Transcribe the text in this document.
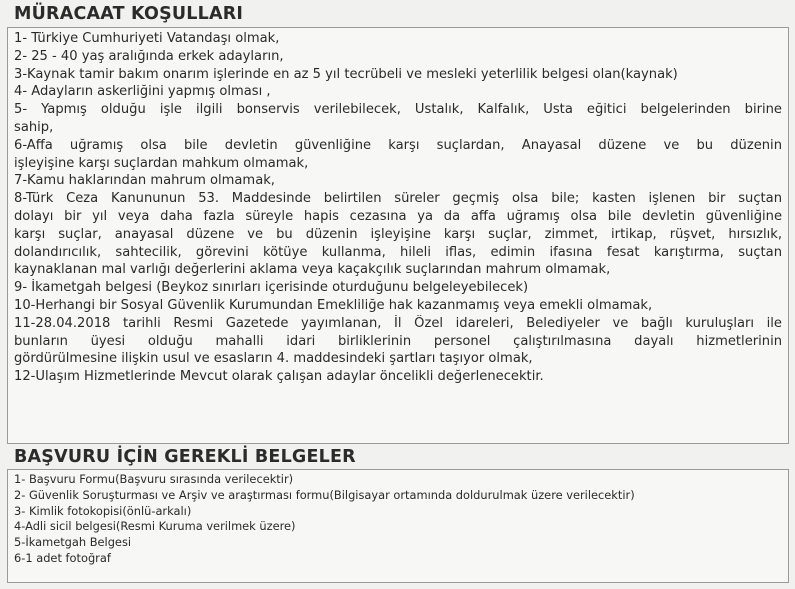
MÜRACAAT KOŞULLARI
1- Türkiye Cumhuriyeti Vatandaşı olmak,
2- 25 - 40 yaş aralığında erkek adayların,
3-Kaynak tamir bakım onarım işlerinde en az 5 yıl tecrübeli ve mesleki yeterlilik belgesi olan(kaynak)
4- Adayların askerliğini yapmış olması ,
5- Yapmış olduğu işle ilgili bonservis verilebilecek, Ustalık, Kalfalık, Usta eğitici belgelerinden birine
sahip,
6-Affa uğramış olsa bile devletin güvenliğine karşı suçlardan, Anayasal düzene ve bu düzenin
işleyişine karşı suçlardan mahkum olmamak,
7-Kamu haklarından mahrum olmamak,
8-Türk Ceza Kanununun 53. Maddesinde belirtilen süreler geçmiş olsa bile; kasten işlenen bir suçtan
dolayı bir yıl veya daha fazla süreyle hapis cezasına ya da affa uğramış olsa bile devletin güvenliğine
karşı suçlar, anayasal düzene ve bu düzenin işleyişine karşı suçlar, zimmet, irtikap, rüşvet, hırsızlık,
dolandırıcılık, sahtecilik, görevini kötüye kullanma, hileli iflas, edimin ifasına fesat karıştırma, suçtan
kaynaklanan mal varlığı değerlerini aklama veya kaçakçılık suçlarından mahrum olmamak,
9- İkametgah belgesi (Beykoz sınırları içerisinde oturduğunu belgeleyebilecek)
10-Herhangi bir Sosyal Güvenlik Kurumundan Emekliliğe hak kazanmamış veya emekli olmamak,
11-28.04.2018 tarihli Resmi Gazetede yayımlanan, İl Özel idareleri, Belediyeler ve bağlı kuruluşları ile
bunların üyesi olduğu mahalli idari birliklerinin personel çalıştırılmasına dayalı hizmetlerinin
gördürülmesine ilişkin usul ve esasların 4. maddesindeki şartları taşıyor olmak,
12-Ulaşım Hizmetlerinde Mevcut olarak çalışan adaylar öncelikli değerlenecektir.
BAŞVURU İÇİN GEREKLİ BELGELER
1- Başvuru Formu(Başvuru sırasında verilecektir)
2- Güvenlik Soruşturması ve Arşiv ve araştırması formu(Bilgisayar ortamında doldurulmak üzere verilecektir)
3- Kimlik fotokopisi(önlü-arkalı)
4-Adli sicil belgesi(Resmi Kuruma verilmek üzere)
5-İkametgah Belgesi
6-1 adet fotoğraf
